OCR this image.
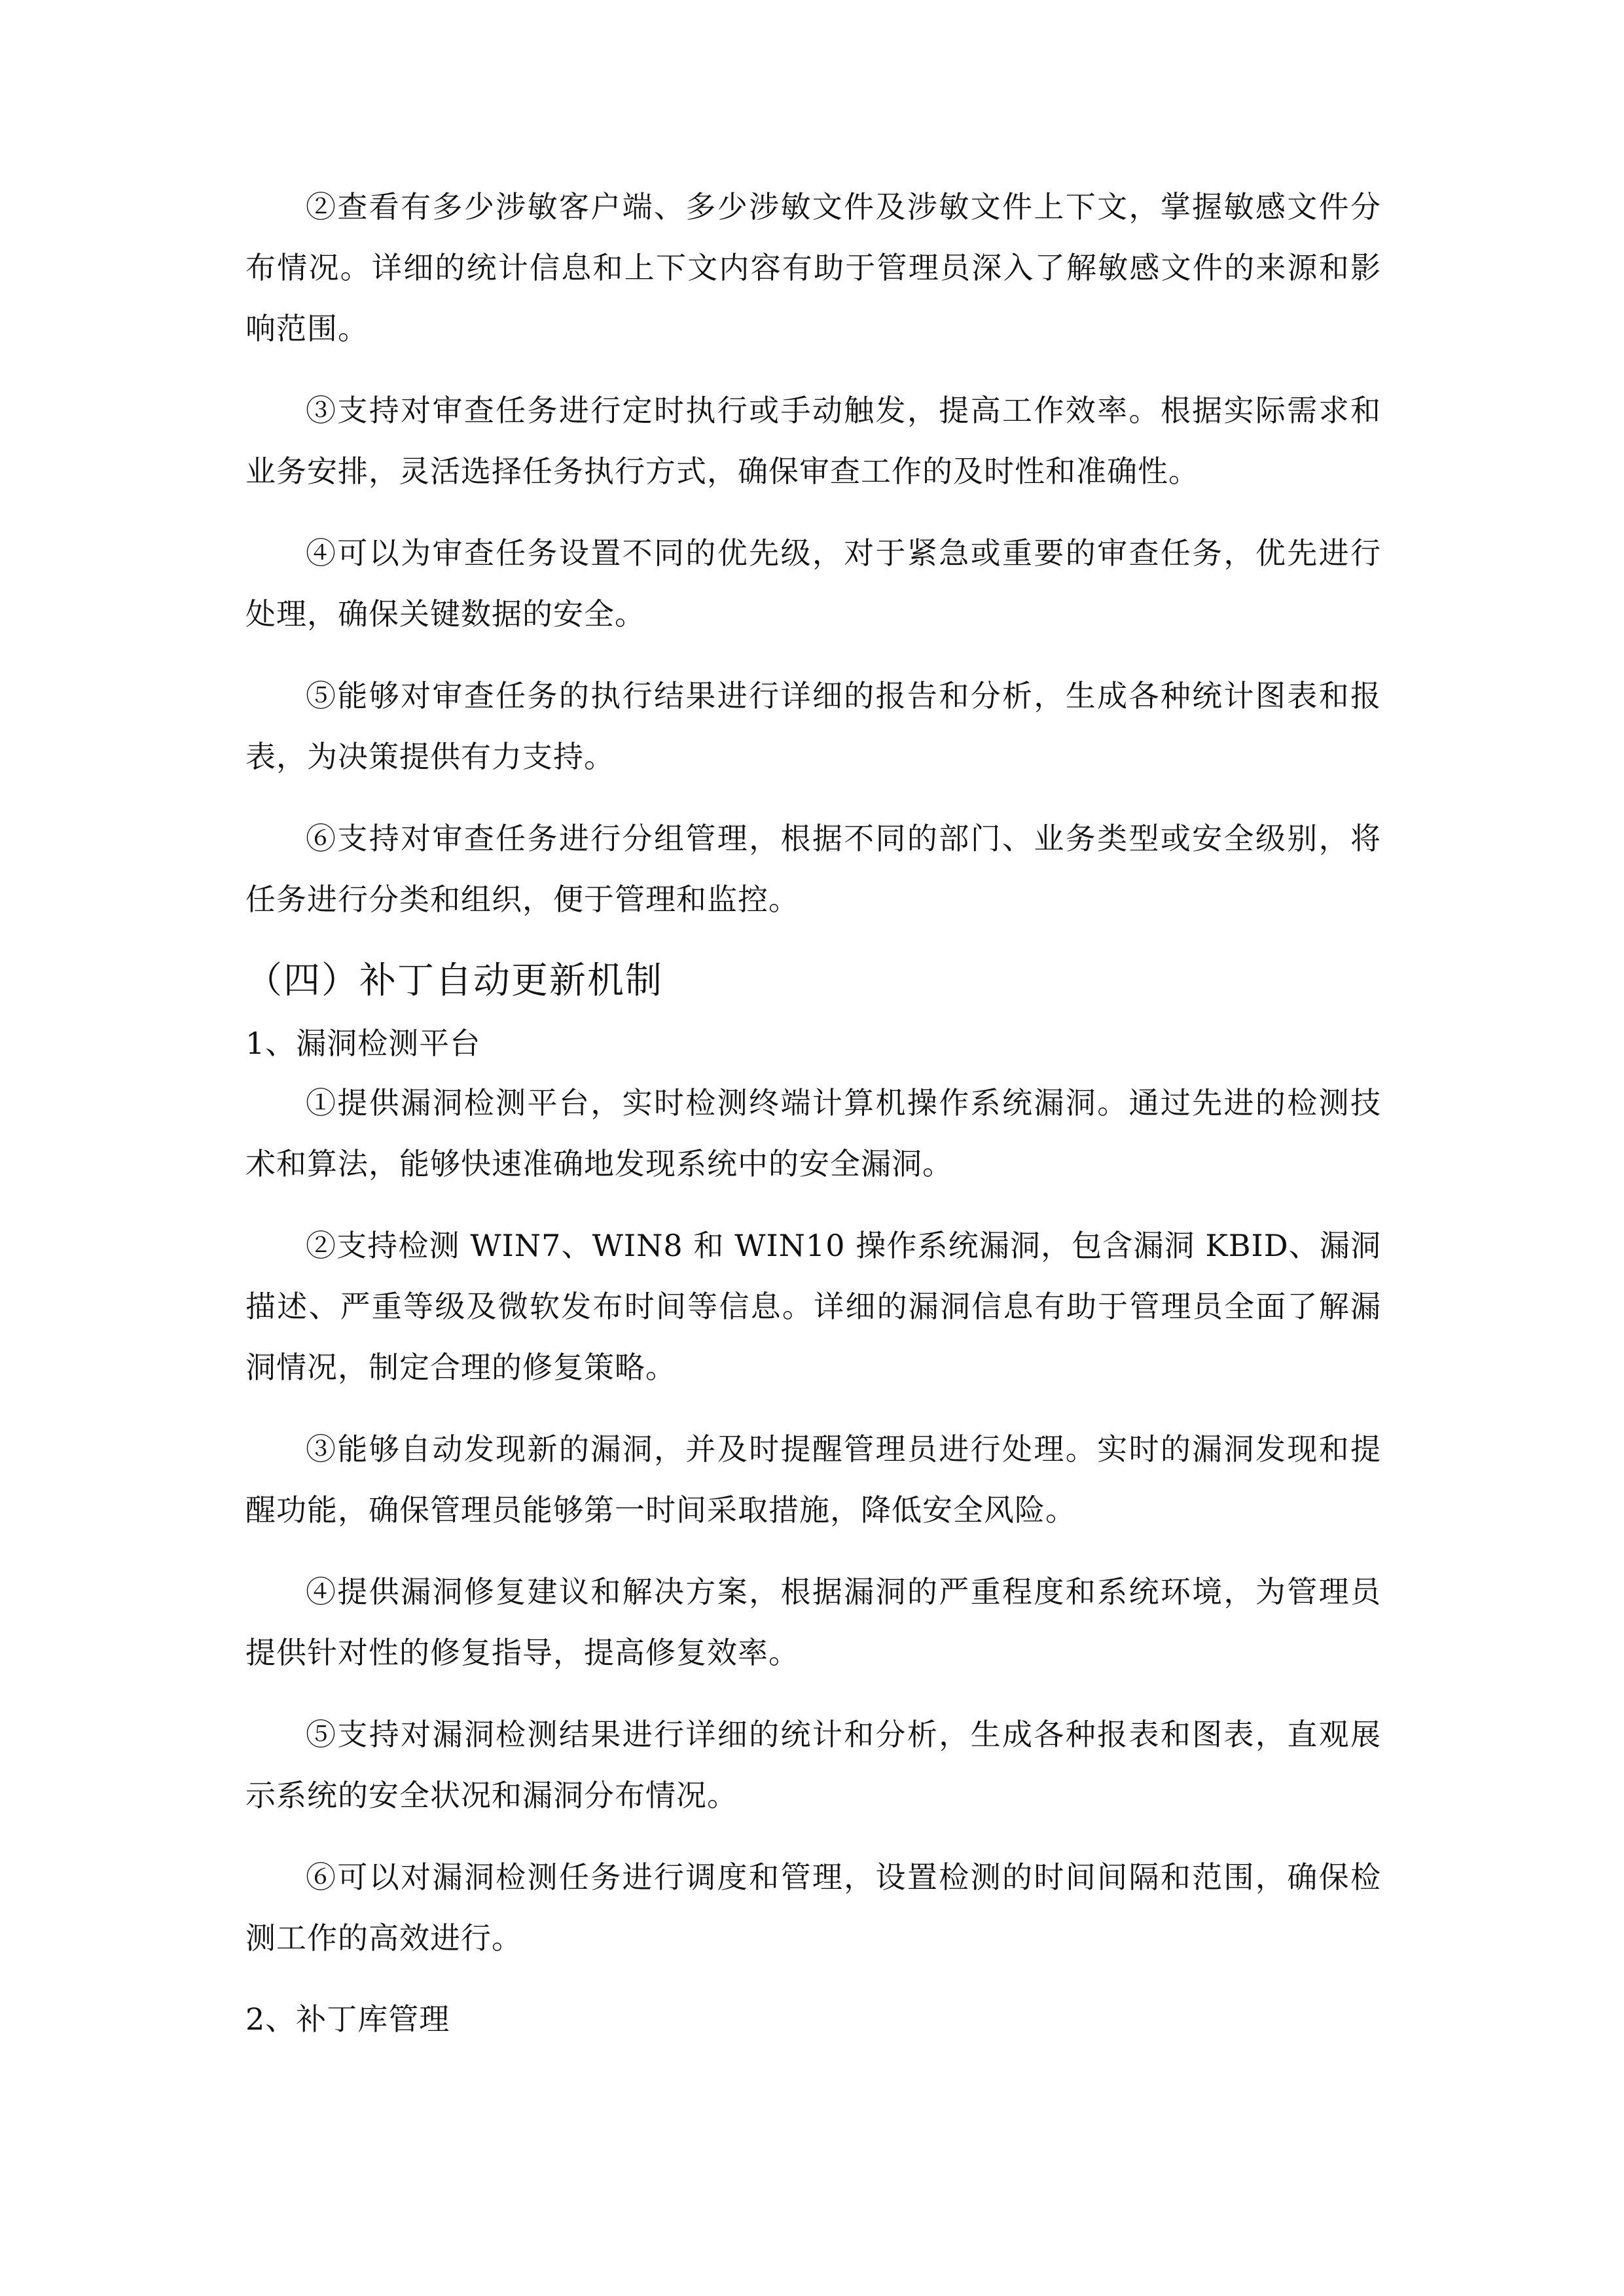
②查看有多少涉敏客户端、多少涉敏文件及涉敏文件上下文，掌握敏感文件分布情况。详细的统计信息和上下文内容有助于管理员深入了解敏感文件的来源和影响范围。

③支持对审查任务进行定时执行或手动触发，提高工作效率。根据实际需求和业务安排，灵活选择任务执行方式，确保审查工作的及时性和准确性。

④可以为审查任务设置不同的优先级，对于紧急或重要的审查任务，优先进行处理，确保关键数据的安全。

⑤能够对审查任务的执行结果进行详细的报告和分析，生成各种统计图表和报表，为决策提供有力支持。

⑥支持对审查任务进行分组管理，根据不同的部门、业务类型或安全级别，将任务进行分类和组织，便于管理和监控。

（四）补丁自动更新机制

1、漏洞检测平台

①提供漏洞检测平台，实时检测终端计算机操作系统漏洞。通过先进的检测技术和算法，能够快速准确地发现系统中的安全漏洞。

②支持检测 WIN7、WIN8 和 WIN10 操作系统漏洞，包含漏洞 KBID、漏洞描述、严重等级及微软发布时间等信息。详细的漏洞信息有助于管理员全面了解漏洞情况，制定合理的修复策略。

③能够自动发现新的漏洞，并及时提醒管理员进行处理。实时的漏洞发现和提醒功能，确保管理员能够第一时间采取措施，降低安全风险。

④提供漏洞修复建议和解决方案，根据漏洞的严重程度和系统环境，为管理员提供针对性的修复指导，提高修复效率。

⑤支持对漏洞检测结果进行详细的统计和分析，生成各种报表和图表，直观展示系统的安全状况和漏洞分布情况。

⑥可以对漏洞检测任务进行调度和管理，设置检测的时间间隔和范围，确保检测工作的高效进行。

2、补丁库管理
